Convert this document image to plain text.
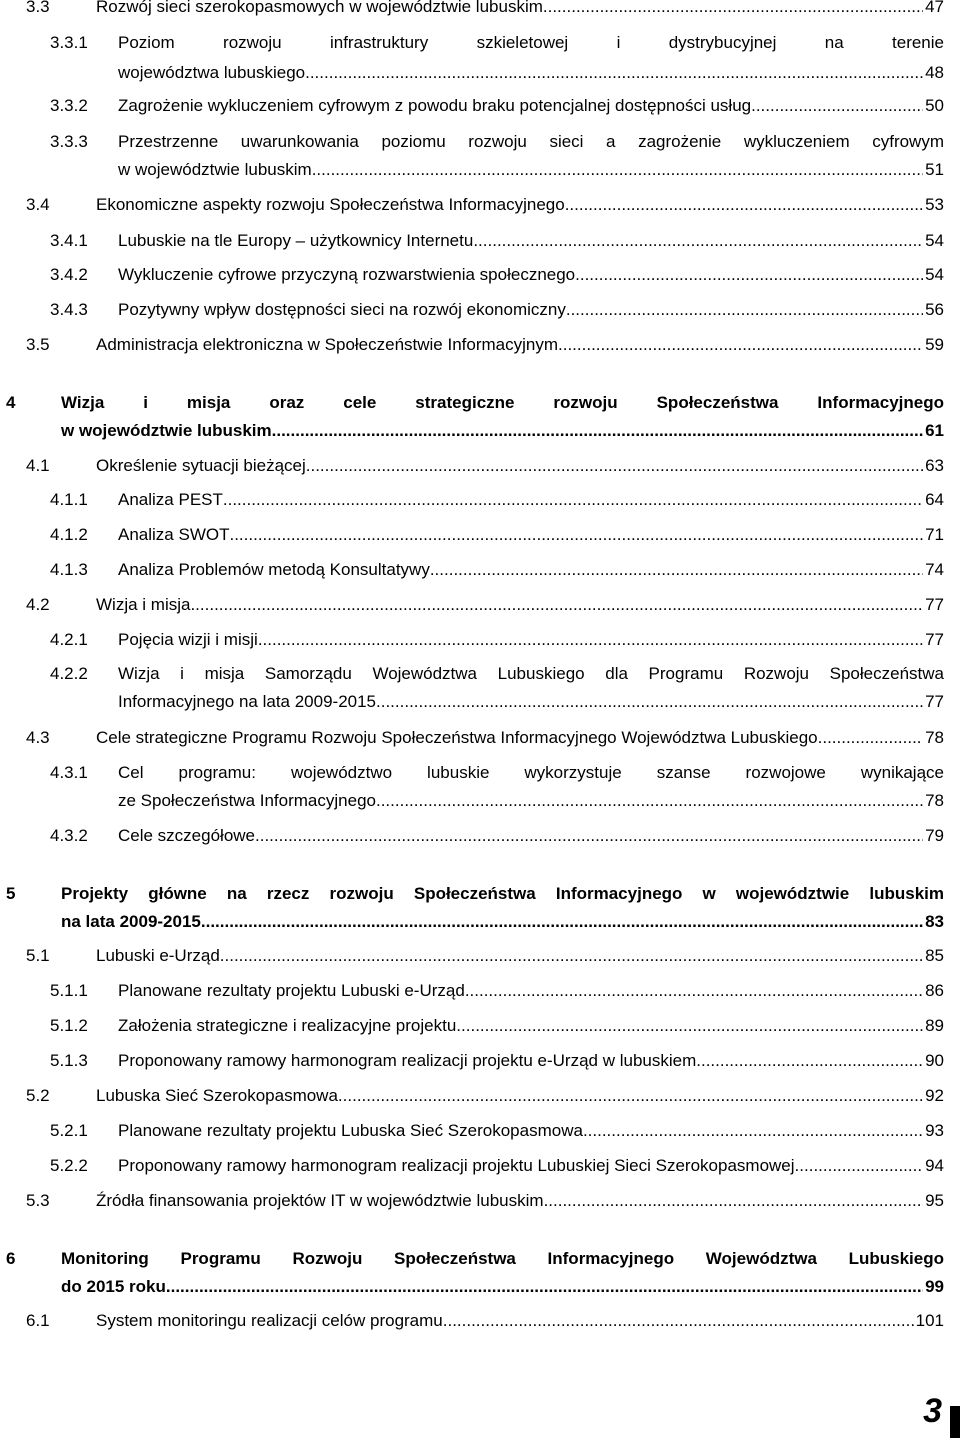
3.3	Rozwój sieci szerokopasmowych w województwie lubuskim .....	47
3.3.1 Poziom rozwoju infrastruktury szkieletowej i dystrybucyjnej na terenie
województwa lubuskiego .....	48
3.3.2 Zagrożenie wykluczeniem cyfrowym z powodu braku potencjalnej dostępności usług .....	50
3.3.3 Przestrzenne uwarunkowania poziomu rozwoju sieci a zagrożenie wykluczeniem cyfrowym
w województwie lubuskim .....	51
3.4	Ekonomiczne aspekty rozwoju Społeczeństwa Informacyjnego .....	53
3.4.1 Lubuskie na tle Europy – użytkownicy Internetu .....	54
3.4.2 Wykluczenie cyfrowe przyczyną rozwarstwienia społecznego .....	54
3.4.3 Pozytywny wpływ dostępności sieci na rozwój ekonomiczny .....	56
3.5	Administracja elektroniczna w Społeczeństwie Informacyjnym .....	59
4	Wizja i misja oraz cele strategiczne rozwoju Społeczeństwa Informacyjnego
w województwie lubuskim .....	61
4.1	Określenie sytuacji bieżącej .....	63
4.1.1 Analiza PEST .....	64
4.1.2 Analiza SWOT .....	71
4.1.3 Analiza Problemów metodą Konsultatywy .....	74
4.2	Wizja i misja .....	77
4.2.1 Pojęcia wizji i misji .....	77
4.2.2 Wizja i misja Samorządu Województwa Lubuskiego dla Programu Rozwoju Społeczeństwa
Informacyjnego na lata 2009-2015 .....	77
4.3	Cele strategiczne Programu Rozwoju Społeczeństwa Informacyjnego Województwa Lubuskiego .....	78
4.3.1 Cel programu: województwo lubuskie wykorzystuje szanse rozwojowe wynikające
ze Społeczeństwa Informacyjnego .....	78
4.3.2 Cele szczegółowe .....	79
5	Projekty główne na rzecz rozwoju Społeczeństwa Informacyjnego w województwie lubuskim
na lata 2009-2015 .....	83
5.1	Lubuski e-Urząd .....	85
5.1.1 Planowane rezultaty projektu Lubuski e-Urząd .....	86
5.1.2 Założenia strategiczne i realizacyjne projektu .....	89
5.1.3 Proponowany ramowy harmonogram realizacji projektu e-Urząd w lubuskiem .....	90
5.2	Lubuska Sieć Szerokopasmowa .....	92
5.2.1 Planowane rezultaty projektu Lubuska Sieć Szerokopasmowa .....	93
5.2.2 Proponowany ramowy harmonogram realizacji projektu Lubuskiej Sieci Szerokopasmowej .....	94
5.3	Źródła finansowania projektów IT w województwie lubuskim .....	95
6	Monitoring Programu Rozwoju Społeczeństwa Informacyjnego Województwa Lubuskiego
do 2015 roku. .....	99
6.1	System monitoringu realizacji celów programu .....	101
3
